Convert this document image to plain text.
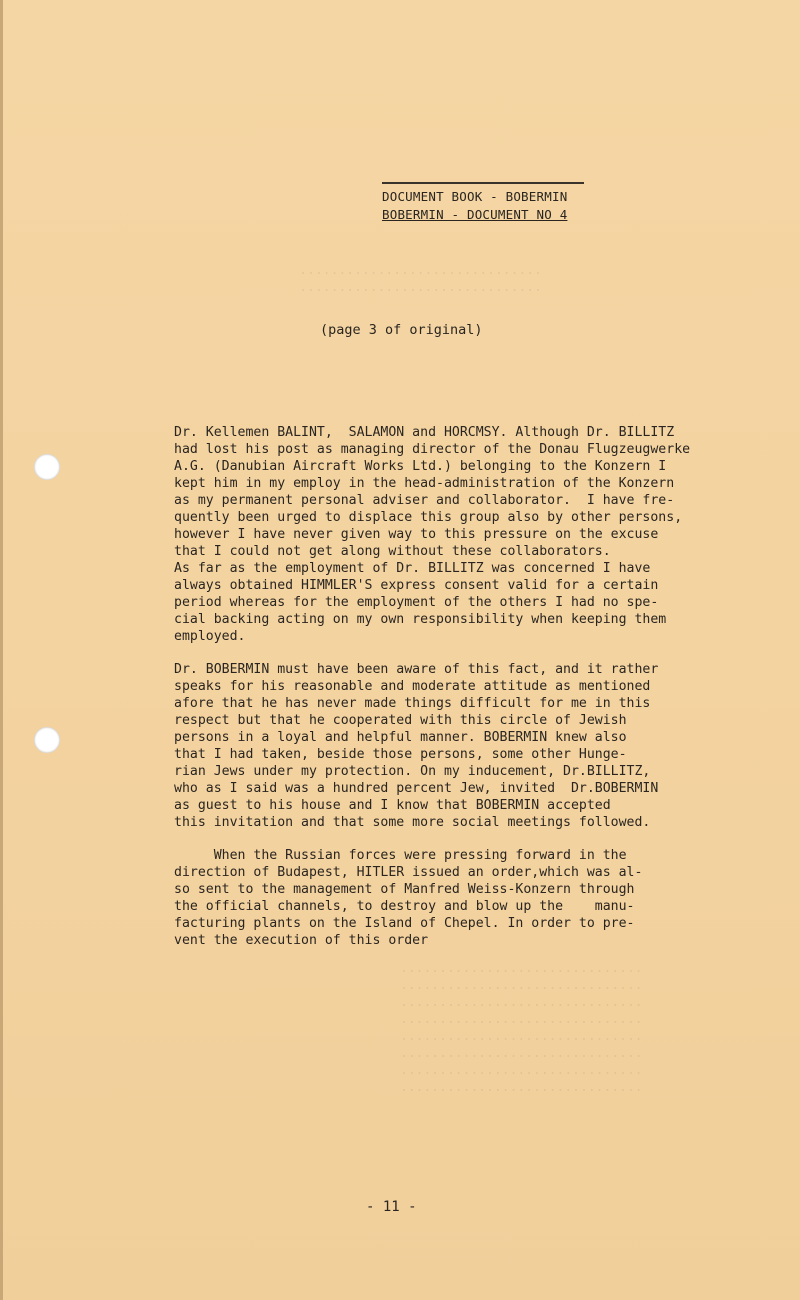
...............................
...............................
...............................
...............................
...............................
...............................
...............................
...............................
...............................
...............................
DOCUMENT BOOK - BOBERMIN
BOBERMIN - DOCUMENT NO 4
(page 3 of original)

Dr. Kellemen BALINT,  SALAMON and HORCMSY. Although Dr. BILLITZ
had lost his post as managing director of the Donau Flugzeugwerke
A.G. (Danubian Aircraft Works Ltd.) belonging to the Konzern I
kept him in my employ in the head-administration of the Konzern
as my permanent personal adviser and collaborator.  I have fre-
quently been urged to displace this group also by other persons,
however I have never given way to this pressure on the excuse
that I could not get along without these collaborators.
As far as the employment of Dr. BILLITZ was concerned I have
always obtained HIMMLER'S express consent valid for a certain
period whereas for the employment of the others I had no spe-
cial backing acting on my own responsibility when keeping them
employed.

Dr. BOBERMIN must have been aware of this fact, and it rather
speaks for his reasonable and moderate attitude as mentioned
afore that he has never made things difficult for me in this
respect but that he cooperated with this circle of Jewish
persons in a loyal and helpful manner. BOBERMIN knew also
that I had taken, beside those persons, some other Hunge-
rian Jews under my protection. On my inducement, Dr.BILLITZ,
who as I said was a hundred percent Jew, invited  Dr.BOBERMIN
as guest to his house and I know that BOBERMIN accepted
this invitation and that some more social meetings followed.

When the Russian forces were pressing forward in the
direction of Budapest, HITLER issued an order,which was al-
so sent to the management of Manfred Weiss-Konzern through
the official channels, to destroy and blow up the    manu-
facturing plants on the Island of Chepel. In order to pre-
vent the execution of this order

- 11 -
